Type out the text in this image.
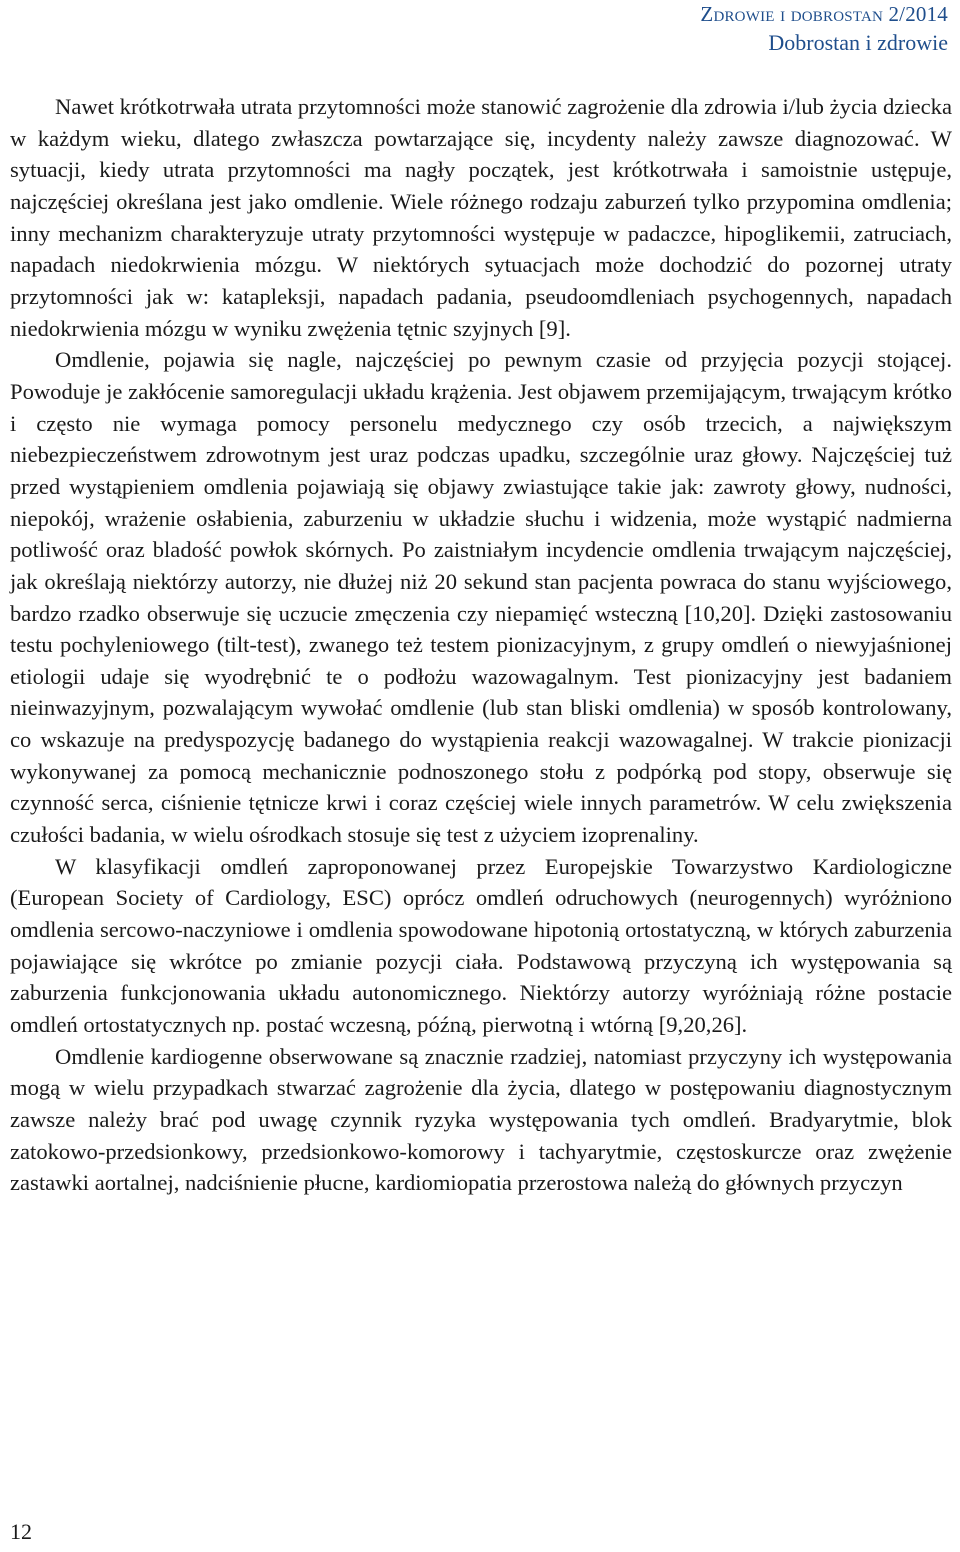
Zdrowie i dobrostan 2/2014
Dobrostan i zdrowie

Nawet krótkotrwała utrata przytomności może stanowić zagrożenie dla zdrowia i/lub życia dziecka w każdym wieku, dlatego zwłaszcza powtarzające się, incydenty należy zawsze diagnozować. W sytuacji, kiedy utrata przytomności ma nagły początek, jest krótkotrwała i samoistnie ustępuje, najczęściej określana jest jako omdlenie. Wiele różnego rodzaju zaburzeń tylko przypomina omdlenia; inny mechanizm charakteryzuje utraty przytomności występuje w padaczce, hipoglikemii, zatruciach, napadach niedokrwienia mózgu. W niektórych sytuacjach może dochodzić do pozornej utraty przytomności jak w: katapleksji, napadach padania, pseudoomdleniach psychogennych, napadach niedokrwienia mózgu w wyniku zwężenia tętnic szyjnych [9].

Omdlenie, pojawia się nagle, najczęściej po pewnym czasie od przyjęcia pozycji stojącej. Powoduje je zakłócenie samoregulacji układu krążenia. Jest objawem przemijającym, trwającym krótko i często nie wymaga pomocy personelu medycznego czy osób trzecich, a największym niebezpieczeństwem zdrowotnym jest uraz podczas upadku, szczególnie uraz głowy. Najczęściej tuż przed wystąpieniem omdlenia pojawiają się objawy zwiastujące takie jak: zawroty głowy, nudności, niepokój, wrażenie osłabienia, zaburzeniu w układzie słuchu i widzenia, może wystąpić nadmierna potliwość oraz bladość powłok skórnych. Po zaistniałym incydencie omdlenia trwającym najczęściej, jak określają niektórzy autorzy, nie dłużej niż 20 sekund stan pacjenta powraca do stanu wyjściowego, bardzo rzadko obserwuje się uczucie zmęczenia czy niepamięć wsteczną [10,20]. Dzięki zastosowaniu testu pochyleniowego (tilt-test), zwanego też testem pionizacyjnym, z grupy omdleń o niewyjaśnionej etiologii udaje się wyodrębnić te o podłożu wazowagalnym. Test pionizacyjny jest badaniem nieinwazyjnym, pozwalającym wywołać omdlenie (lub stan bliski omdlenia) w sposób kontrolowany, co wskazuje na predyspozycję badanego do wystąpienia reakcji wazowagalnej. W trakcie pionizacji wykonywanej za pomocą mechanicznie podnoszonego stołu z podpórką pod stopy, obserwuje się czynność serca, ciśnienie tętnicze krwi i coraz częściej wiele innych parametrów. W celu zwiększenia czułości badania, w wielu ośrodkach stosuje się test z użyciem izoprenaliny.

W klasyfikacji omdleń zaproponowanej przez Europejskie Towarzystwo Kardiologiczne (European Society of Cardiology, ESC) oprócz omdleń odruchowych (neurogennych) wyróżniono omdlenia sercowo-naczyniowe i omdlenia spowodowane hipotonią ortostatyczną, w których zaburzenia pojawiające się wkrótce po zmianie pozycji ciała. Podstawową przyczyną ich występowania są zaburzenia funkcjonowania układu autonomicznego. Niektórzy autorzy wyróżniają różne postacie omdleń ortostatycznych np. postać wczesną, późną, pierwotną i wtórną [9,20,26].

Omdlenie kardiogenne obserwowane są znacznie rzadziej, natomiast przyczyny ich występowania mogą w wielu przypadkach stwarzać zagrożenie dla życia, dlatego w postępowaniu diagnostycznym zawsze należy brać pod uwagę czynnik ryzyka występowania tych omdleń. Bradyarytmie, blok zatokowo-przedsionkowy, przedsionkowo-komorowy i tachyarytmie, częstoskurcze oraz zwężenie zastawki aortalnej, nadciśnienie płucne, kardiomiopatia przerostowa należą do głównych przyczyn

12
